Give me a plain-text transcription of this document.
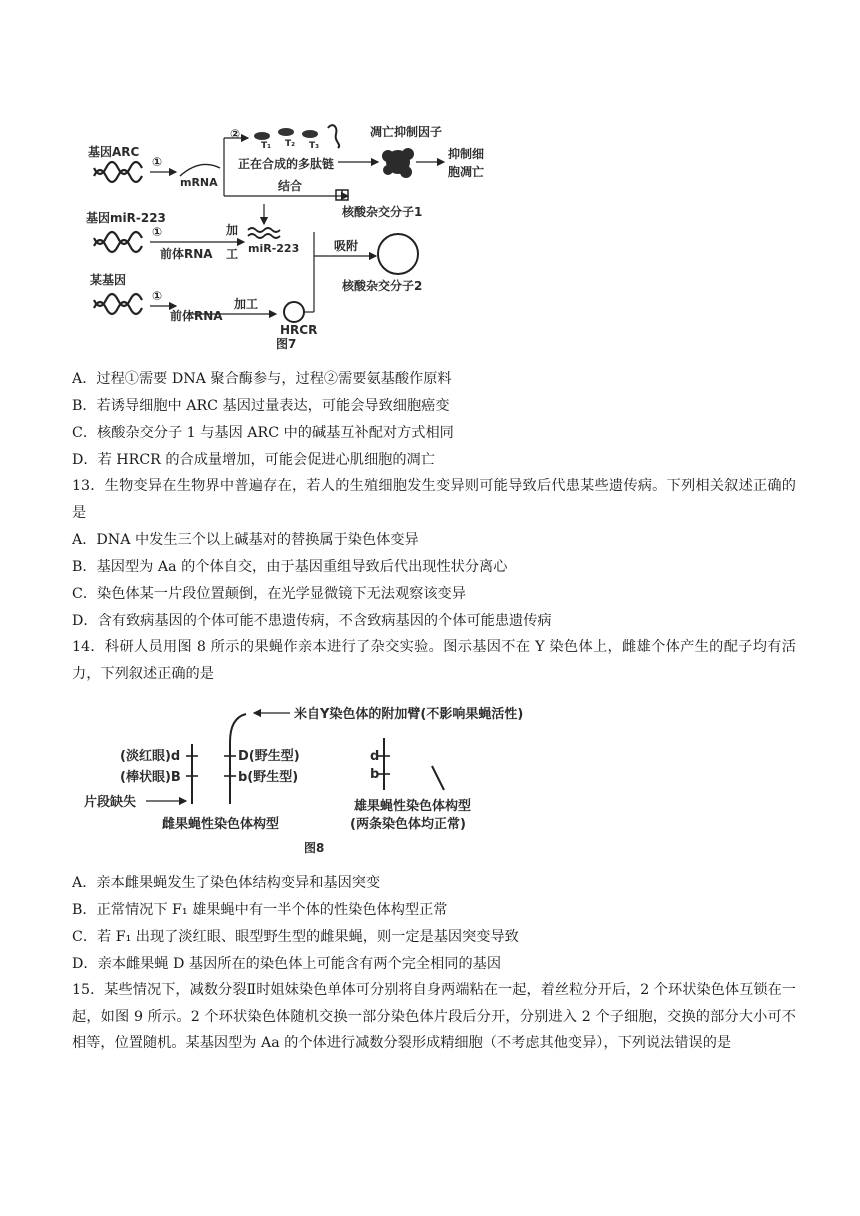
基因ARC
①
mRNA
②
T₁ T₂ T₃
正在合成的多肽链
凋亡抑制因子
抑制细
胞凋亡
结合
核酸杂交分子1
基因miR-223
①
前体RNA
加
工 miR-223	吸附
核酸杂交分子2
某基因
①
前体RNA
加工
HRCR
图7
A．过程①需要 DNA 聚合酶参与，过程②需要氨基酸作原料
B．若诱导细胞中 ARC 基因过量表达，可能会导致细胞癌变
C．核酸杂交分子 1 与基因 ARC 中的碱基互补配对方式相同
D．若 HRCR 的合成量增加，可能会促进心肌细胞的凋亡
13．生物变异在生物界中普遍存在，若人的生殖细胞发生变异则可能导致后代患某些遗传病。下列相关叙述正确的是
A．DNA 中发生三个以上碱基对的替换属于染色体变异
B．基因型为 Aa 的个体自交，由于基因重组导致后代出现性状分离心
C．染色体某一片段位置颠倒，在光学显微镜下无法观察该变异
D．含有致病基因的个体可能不患遗传病，不含致病基因的个体可能患遗传病
14．科研人员用图 8 所示的果蝇作亲本进行了杂交实验。图示基因不在 Y 染色体上，雌雄个体产生的配子均有活力，下列叙述正确的是
米自Y染色体的附加臂(不影响果蝇活性)
(淡红眼)d
(棒状眼)B
D(野生型)
b(野生型)
片段缺失
雌果蝇性染色体构型
d
b
雄果蝇性染色体构型
(两条染色体均正常)
图8
A．亲本雌果蝇发生了染色体结构变异和基因突变
B．正常情况下 F₁ 雄果蝇中有一半个体的性染色体构型正常
C．若 F₁ 出现了淡红眼、眼型野生型的雌果蝇，则一定是基因突变导致
D．亲本雌果蝇 D 基因所在的染色体上可能含有两个完全相同的基因
15．某些情况下，减数分裂Ⅱ时姐妹染色单体可分别将自身两端粘在一起，着丝粒分开后，2 个环状染色体互锁在一起，如图 9 所示。2 个环状染色体随机交换一部分染色体片段后分开，分别进入 2 个子细胞，交换的部分大小可不相等，位置随机。某基因型为 Aa 的个体进行减数分裂形成精细胞（不考虑其他变异），下列说法错误的是
